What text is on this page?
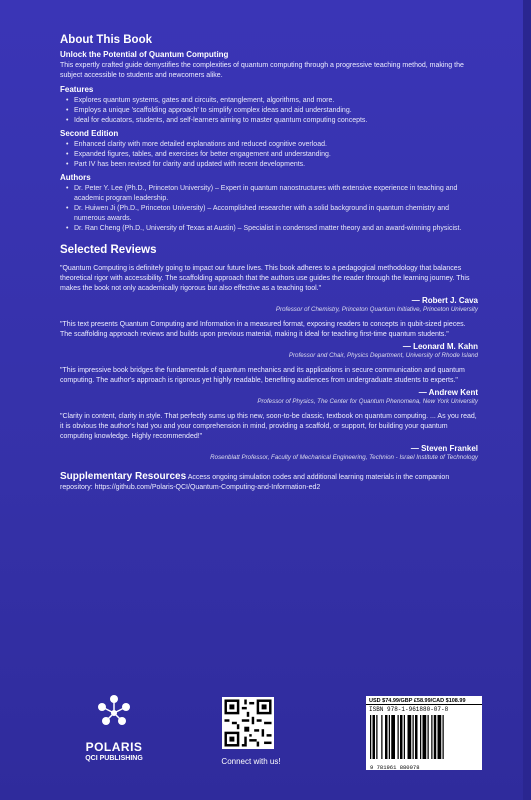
About This Book
Unlock the Potential of Quantum Computing

This expertly crafted guide demystifies the complexities of quantum computing through a progressive teaching method, making the subject accessible to students and newcomers alike.

Features
• Explores quantum systems, gates and circuits, entanglement, algorithms, and more.
• Employs a unique 'scaffolding approach' to simplify complex ideas and aid understanding.
• Ideal for educators, students, and self-learners aiming to master quantum computing concepts.
Second Edition
• Enhanced clarity with more detailed explanations and reduced cognitive overload.
• Expanded figures, tables, and exercises for better engagement and understanding.
• Part IV has been revised for clarity and updated with recent developments.
Authors
• Dr. Peter Y. Lee (Ph.D., Princeton University) – Expert in quantum nanostructures with extensive experience in teaching and academic program leadership.
• Dr. Huiwen Ji (Ph.D., Princeton University) – Accomplished researcher with a solid background in quantum chemistry and numerous awards.
• Dr. Ran Cheng (Ph.D., University of Texas at Austin) – Specialist in condensed matter theory and an award-winning physicist.
Selected Reviews

"Quantum Computing is definitely going to impact our future lives. This book adheres to a pedagogical methodology that balances theoretical rigor with accessibility. The scaffolding approach that the authors use guides the reader through the learning journey. This makes the book not only academically rigorous but also effective as a teaching tool."

— Robert J. Cava
Professor of Chemistry, Princeton Quantum Initiative, Princeton University

"This text presents Quantum Computing and Information in a measured format, exposing readers to concepts in qubit-sized pieces. The scaffolding approach reviews and builds upon previous material, making it ideal for teaching first-time quantum students."

— Leonard M. Kahn
Professor and Chair, Physics Department, University of Rhode Island

"This impressive book bridges the fundamentals of quantum mechanics and its applications in secure communication and quantum computing. The author's approach is rigorous yet highly readable, benefiting audiences from undergraduate students to experts."

— Andrew Kent
Professor of Physics, The Center for Quantum Phenomena, New York University

"Clarity in content, clarity in style. That perfectly sums up this new, soon-to-be classic, textbook on quantum computing. ... As you read, it is obvious the author's had you and your comprehension in mind, providing a scaffold, or support, for building your quantum computing knowledge. Highly recommended!"

— Steven Frankel
Rosenblatt Professor, Faculty of Mechanical Engineering, Technion - Israel Institute of Technology
Supplementary Resources Access ongoing simulation codes and additional learning materials in the companion repository: https://github.com/Polaris-QCI/Quantum-Computing-and-Information-ed2
POLARIS
QCI PUBLISHING	Connect with us!
USD $74.99/GBP £58.99/CAD $108.99
ISBN 978-1-961880-07-8
9 781961 880078
